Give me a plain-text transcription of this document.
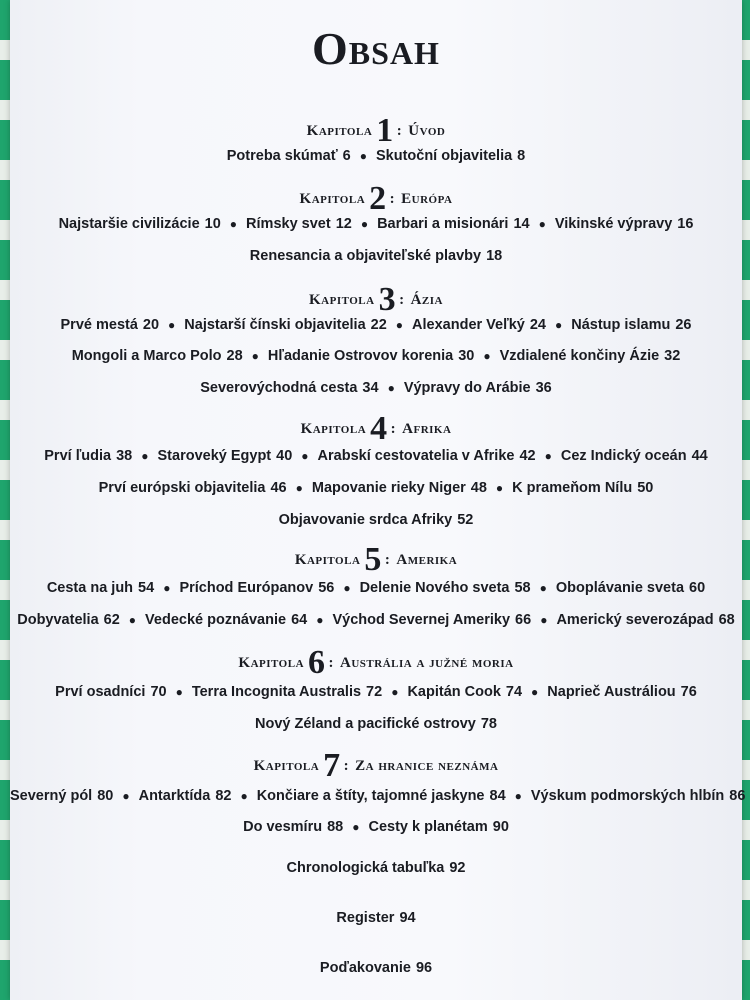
Obsah
Kapitola 1 : Úvod
Potreba skúmať 6 ● Skutoční objavitelia 8
Kapitola 2 : Európa
Najstaršie civilizácie 10 ● Rímsky svet 12 ● Barbari a misionári 14 ● Vikinské výpravy 16
Renesancia a objaviteľské plavby 18
Kapitola 3 : Ázia
Prvé mestá 20 ● Najstarší čínski objavitelia 22 ● Alexander Veľký 24 ● Nástup islamu 26
Mongoli a Marco Polo 28 ● Hľadanie Ostrovov korenia 30 ● Vzdialené končiny Ázie 32
Severovýchodná cesta 34 ● Výpravy do Arábie 36
Kapitola 4 : Afrika
Prví ľudia 38 ● Staroveký Egypt 40 ● Arabskí cestovatelia v Afrike 42 ● Cez Indický oceán 44
Prví európski objavitelia 46 ● Mapovanie rieky Niger 48 ● K prameňom Nílu 50
Objavovanie srdca Afriky 52
Kapitola 5 : Amerika
Cesta na juh 54 ● Príchod Európanov 56 ● Delenie Nového sveta 58 ● Oboplávanie sveta 60
Dobyvatelia 62 ● Vedecké poznávanie 64 ● Východ Severnej Ameriky 66 ● Americký severozápad 68
Kapitola 6 : Austrália a južné moria
Prví osadníci 70 ● Terra Incognita Australis 72 ● Kapitán Cook 74 ● Naprieč Austráliou 76
Nový Zéland a pacifické ostrovy 78
Kapitola 7 : Za hranice neznáma
Severný pól 80 ● Antarktída 82 ● Končiare a štíty, tajomné jaskyne 84 ● Výskum podmorských hlbín 86
Do vesmíru 88 ● Cesty k planétam 90
Chronologická tabuľka 92
Register 94
Poďakovanie 96
